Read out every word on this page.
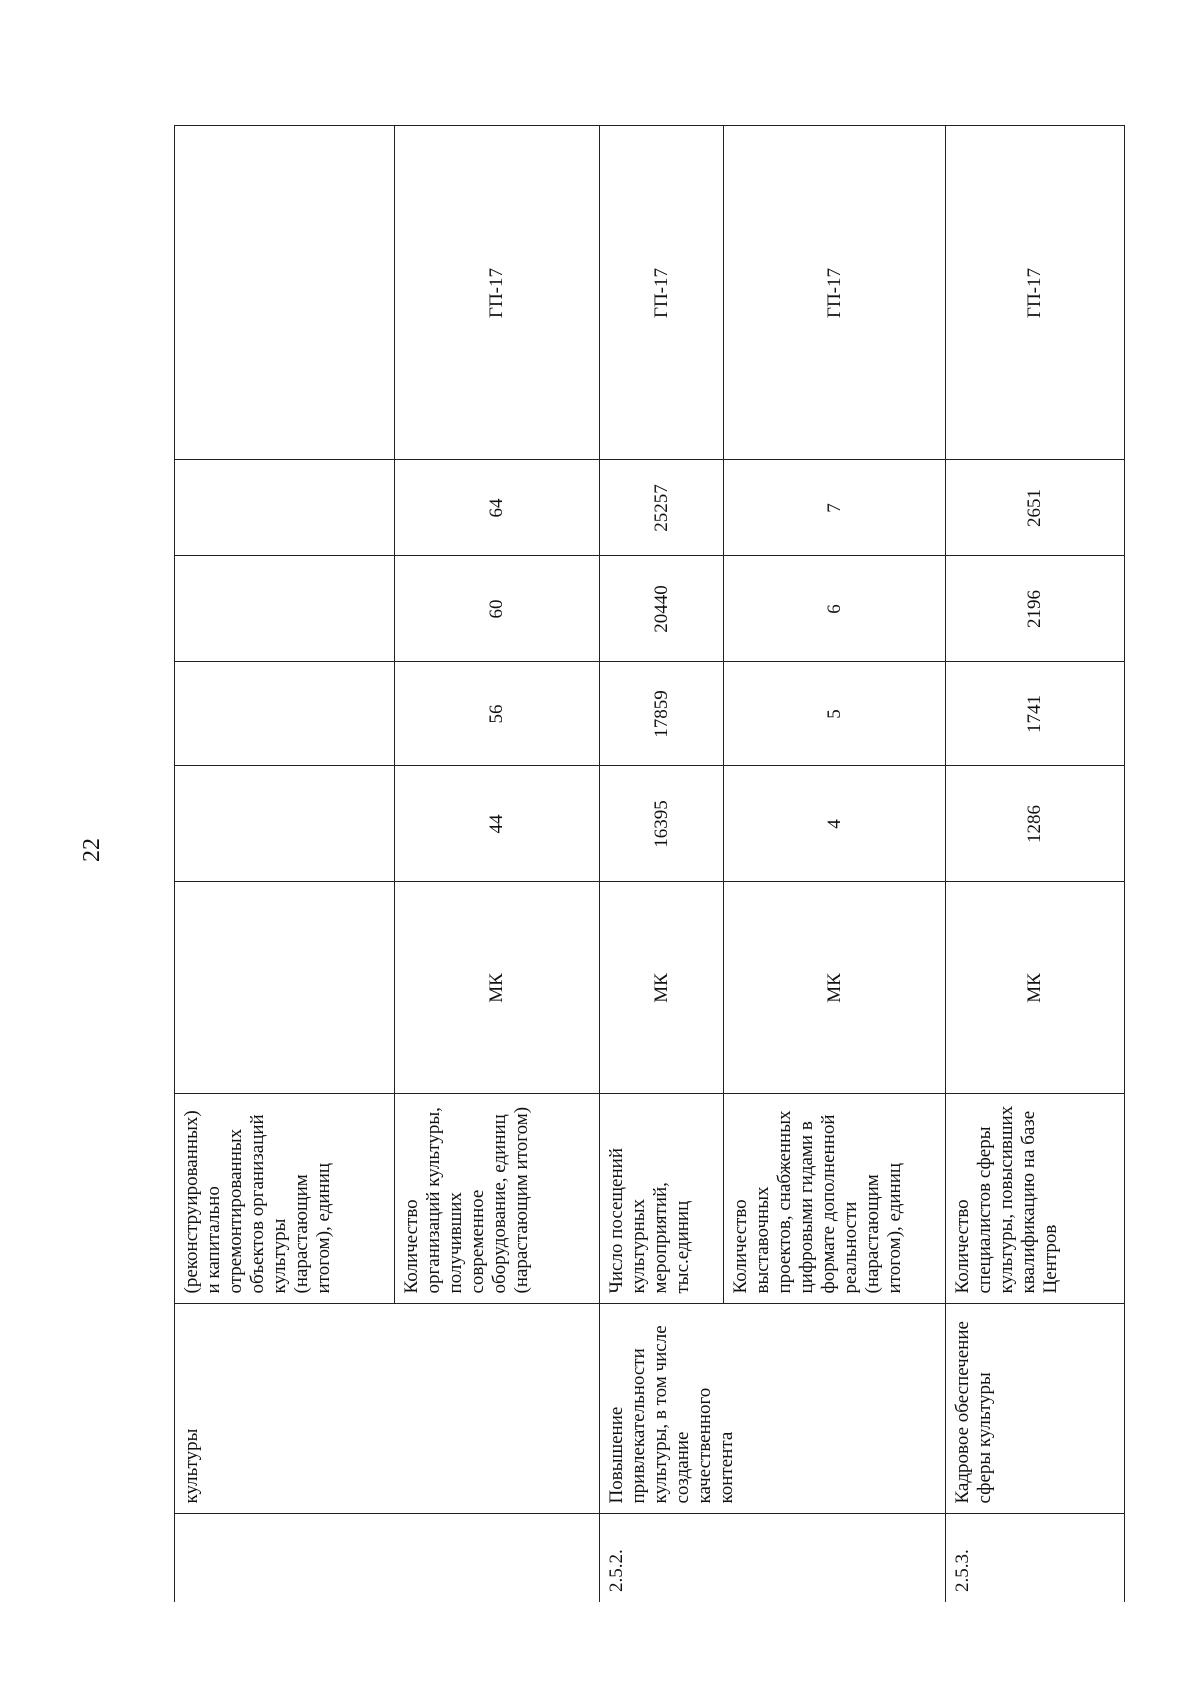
22
	культуры	(реконструированных) и капитально отремонтированных объектов организаций культуры (нарастающим итогом), единиц						
		Количество организаций культуры, получивших современное оборудование, единиц (нарастающим итогом)	МК	44	56	60	64	ГП-17
2.5.2.	Повышение привлекательности культуры, в том числе создание качественного контента	Число посещений культурных мероприятий, тыс.единиц	МК	16395	17859	20440	25257	ГП-17
		Количество выставочных проектов, снабженных цифровыми гидами в формате дополненной реальности (нарастающим итогом), единиц	МК	4	5	6	7	ГП-17
2.5.3.	Кадровое обеспечение сферы культуры	Количество специалистов сферы культуры, повысивших квалификацию на базе Центров	МК	1286	1741	2196	2651	ГП-17
